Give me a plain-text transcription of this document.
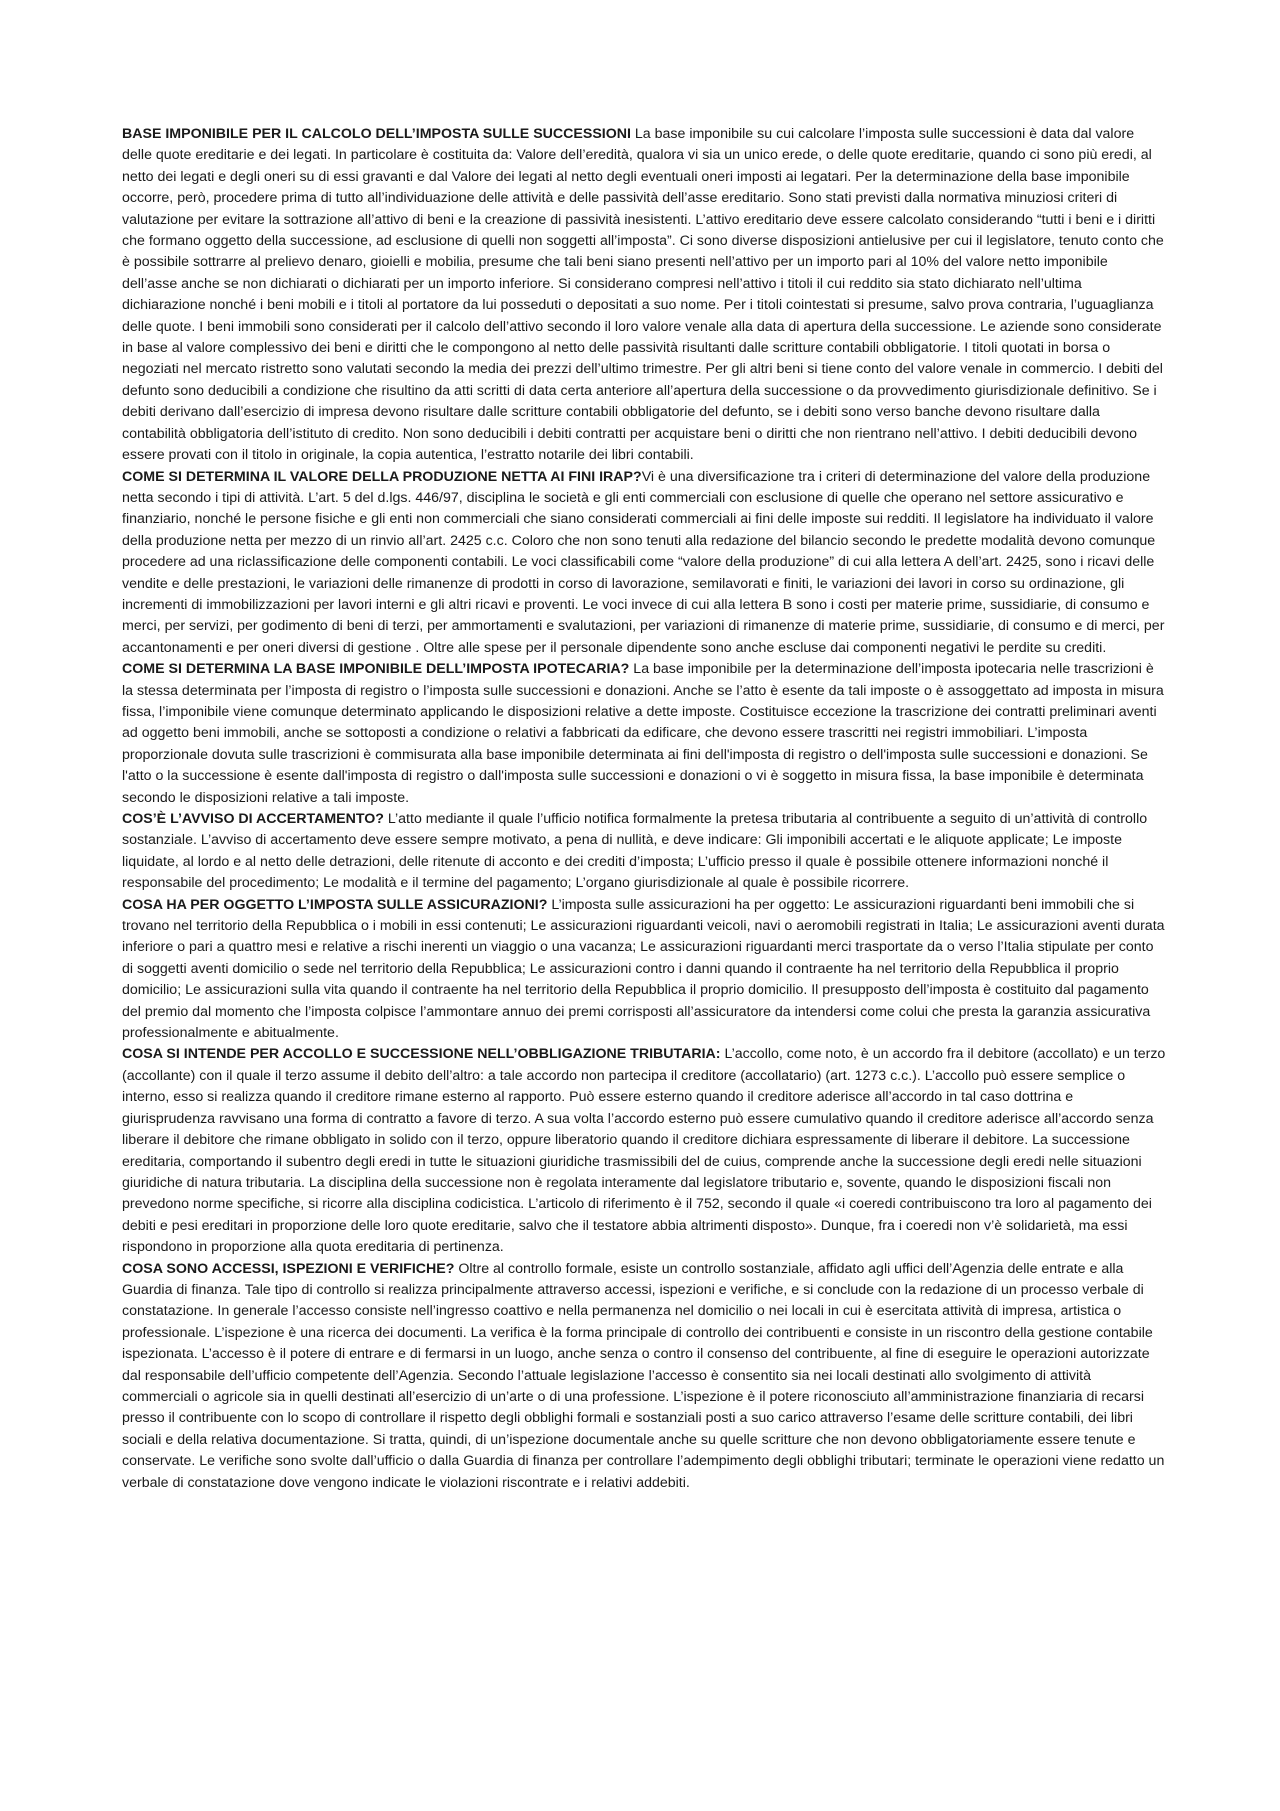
BASE IMPONIBILE PER IL CALCOLO DELL’IMPOSTA SULLE SUCCESSIONI La base imponibile su cui calcolare l’imposta sulle successioni è data dal valore delle quote ereditarie e dei legati. In particolare è costituita da: Valore dell’eredità, qualora vi sia un unico erede, o delle quote ereditarie, quando ci sono più eredi, al netto dei legati e degli oneri su di essi gravanti e dal Valore dei legati al netto degli eventuali oneri imposti ai legatari. Per la determinazione della base imponibile occorre, però, procedere prima di tutto all’individuazione delle attività e delle passività dell’asse ereditario. Sono stati previsti dalla normativa minuziosi criteri di valutazione per evitare la sottrazione all’attivo di beni e la creazione di passività inesistenti. L’attivo ereditario deve essere calcolato considerando “tutti i beni e i diritti che formano oggetto della successione, ad esclusione di quelli non soggetti all’imposta”. Ci sono diverse disposizioni antielusive per cui il legislatore, tenuto conto che è possibile sottrarre al prelievo denaro, gioielli e mobilia, presume che tali beni siano presenti nell’attivo per un importo pari al 10% del valore netto imponibile dell’asse anche se non dichiarati o dichiarati per un importo inferiore. Si considerano compresi nell’attivo i titoli il cui reddito sia stato dichiarato nell’ultima dichiarazione nonché i beni mobili e i titoli al portatore da lui posseduti o depositati a suo nome. Per i titoli cointestati si presume, salvo prova contraria, l’uguaglianza delle quote. I beni immobili sono considerati per il calcolo dell’attivo secondo il loro valore venale alla data di apertura della successione. Le aziende sono considerate in base al valore complessivo dei beni e diritti che le compongono al netto delle passività risultanti dalle scritture contabili obbligatorie. I titoli quotati in borsa o negoziati nel mercato ristretto sono valutati secondo la media dei prezzi dell’ultimo trimestre. Per gli altri beni si tiene conto del valore venale in commercio. I debiti del defunto sono deducibili a condizione che risultino da atti scritti di data certa anteriore all’apertura della successione o da provvedimento giurisdizionale definitivo. Se i debiti derivano dall’esercizio di impresa devono risultare dalle scritture contabili obbligatorie del defunto, se i debiti sono verso banche devono risultare dalla contabilità obbligatoria dell’istituto di credito. Non sono deducibili i debiti contratti per acquistare beni o diritti che non rientrano nell’attivo. I debiti deducibili devono essere provati con il titolo in originale, la copia autentica, l’estratto notarile dei libri contabili.

COME SI DETERMINA IL VALORE DELLA PRODUZIONE NETTA AI FINI IRAP?Vi è una diversificazione tra i criteri di determinazione del valore della produzione netta secondo i tipi di attività. L’art. 5 del d.lgs. 446/97, disciplina le società e gli enti commerciali con esclusione di quelle che operano nel settore assicurativo e finanziario, nonché le persone fisiche e gli enti non commerciali che siano considerati commerciali ai fini delle imposte sui redditi. Il legislatore ha individuato il valore della produzione netta per mezzo di un rinvio all’art. 2425 c.c. Coloro che non sono tenuti alla redazione del bilancio secondo le predette modalità devono comunque procedere ad una riclassificazione delle componenti contabili. Le voci classificabili come “valore della produzione” di cui alla lettera A dell’art. 2425, sono i ricavi delle vendite e delle prestazioni, le variazioni delle rimanenze di prodotti in corso di lavorazione, semilavorati e finiti, le variazioni dei lavori in corso su ordinazione, gli incrementi di immobilizzazioni per lavori interni e gli altri ricavi e proventi. Le voci invece di cui alla lettera B sono i costi per materie prime, sussidiarie, di consumo e merci, per servizi, per godimento di beni di terzi, per ammortamenti e svalutazioni, per variazioni di rimanenze di materie prime, sussidiarie, di consumo e di merci, per accantonamenti e per oneri diversi di gestione . Oltre alle spese per il personale dipendente sono anche escluse dai componenti negativi le perdite su crediti.

COME SI DETERMINA LA BASE IMPONIBILE DELL’IMPOSTA IPOTECARIA? La base imponibile per la determinazione dell’imposta ipotecaria nelle trascrizioni è la stessa determinata per l’imposta di registro o l’imposta sulle successioni e donazioni. Anche se l’atto è esente da tali imposte o è assoggettato ad imposta in misura fissa, l’imponibile viene comunque determinato applicando le disposizioni relative a dette imposte. Costituisce eccezione la trascrizione dei contratti preliminari aventi ad oggetto beni immobili, anche se sottoposti a condizione o relativi a fabbricati da edificare, che devono essere trascritti nei registri immobiliari. L’imposta proporzionale dovuta sulle trascrizioni è commisurata alla base imponibile determinata ai fini dell'imposta di registro o dell'imposta sulle successioni e donazioni. Se l'atto o la successione è esente dall'imposta di registro o dall'imposta sulle successioni e donazioni o vi è soggetto in misura fissa, la base imponibile è determinata secondo le disposizioni relative a tali imposte.

COS’È L’AVVISO DI ACCERTAMENTO? L’atto mediante il quale l’ufficio notifica formalmente la pretesa tributaria al contribuente a seguito di un’attività di controllo sostanziale. L’avviso di accertamento deve essere sempre motivato, a pena di nullità, e deve indicare: Gli imponibili accertati e le aliquote applicate; Le imposte liquidate, al lordo e al netto delle detrazioni, delle ritenute di acconto e dei crediti d’imposta; L’ufficio presso il quale è possibile ottenere informazioni nonché il responsabile del procedimento; Le modalità e il termine del pagamento; L’organo giurisdizionale al quale è possibile ricorrere.

COSA HA PER OGGETTO L’IMPOSTA SULLE ASSICURAZIONI? L’imposta sulle assicurazioni ha per oggetto: Le assicurazioni riguardanti beni immobili che si trovano nel territorio della Repubblica o i mobili in essi contenuti; Le assicurazioni riguardanti veicoli, navi o aeromobili registrati in Italia; Le assicurazioni aventi durata inferiore o pari a quattro mesi e relative a rischi inerenti un viaggio o una vacanza; Le assicurazioni riguardanti merci trasportate da o verso l’Italia stipulate per conto di soggetti aventi domicilio o sede nel territorio della Repubblica; Le assicurazioni contro i danni quando il contraente ha nel territorio della Repubblica il proprio domicilio; Le assicurazioni sulla vita quando il contraente ha nel territorio della Repubblica il proprio domicilio. Il presupposto dell’imposta è costituito dal pagamento del premio dal momento che l’imposta colpisce l’ammontare annuo dei premi corrisposti all’assicuratore da intendersi come colui che presta la garanzia assicurativa professionalmente e abitualmente.

COSA SI INTENDE PER ACCOLLO E SUCCESSIONE NELL’OBBLIGAZIONE TRIBUTARIA: L’accollo, come noto, è un accordo fra il debitore (accollato) e un terzo (accollante) con il quale il terzo assume il debito dell’altro: a tale accordo non partecipa il creditore (accollatario) (art. 1273 c.c.). L’accollo può essere semplice o interno, esso si realizza quando il creditore rimane esterno al rapporto. Può essere esterno quando il creditore aderisce all’accordo in tal caso dottrina e giurisprudenza ravvisano una forma di contratto a favore di terzo. A sua volta l’accordo esterno può essere cumulativo quando il creditore aderisce all’accordo senza liberare il debitore che rimane obbligato in solido con il terzo, oppure liberatorio quando il creditore dichiara espressamente di liberare il debitore. La successione ereditaria, comportando il subentro degli eredi in tutte le situazioni giuridiche trasmissibili del de cuius, comprende anche la successione degli eredi nelle situazioni giuridiche di natura tributaria. La disciplina della successione non è regolata interamente dal legislatore tributario e, sovente, quando le disposizioni fiscali non prevedono norme specifiche, si ricorre alla disciplina codicistica. L’articolo di riferimento è il 752, secondo il quale «i coeredi contribuiscono tra loro al pagamento dei debiti e pesi ereditari in proporzione delle loro quote ereditarie, salvo che il testatore abbia altrimenti disposto». Dunque, fra i coeredi non v’è solidarietà, ma essi rispondono in proporzione alla quota ereditaria di pertinenza.

COSA SONO ACCESSI, ISPEZIONI E VERIFICHE? Oltre al controllo formale, esiste un controllo sostanziale, affidato agli uffici dell’Agenzia delle entrate e alla Guardia di finanza. Tale tipo di controllo si realizza principalmente attraverso accessi, ispezioni e verifiche, e si conclude con la redazione di un processo verbale di constatazione. In generale l’accesso consiste nell’ingresso coattivo e nella permanenza nel domicilio o nei locali in cui è esercitata attività di impresa, artistica o professionale. L’ispezione è una ricerca dei documenti. La verifica è la forma principale di controllo dei contribuenti e consiste in un riscontro della gestione contabile ispezionata. L’accesso è il potere di entrare e di fermarsi in un luogo, anche senza o contro il consenso del contribuente, al fine di eseguire le operazioni autorizzate dal responsabile dell’ufficio competente dell’Agenzia. Secondo l’attuale legislazione l’accesso è consentito sia nei locali destinati allo svolgimento di attività commerciali o agricole sia in quelli destinati all’esercizio di un’arte o di una professione. L’ispezione è il potere riconosciuto all’amministrazione finanziaria di recarsi presso il contribuente con lo scopo di controllare il rispetto degli obblighi formali e sostanziali posti a suo carico attraverso l’esame delle scritture contabili, dei libri sociali e della relativa documentazione. Si tratta, quindi, di un’ispezione documentale anche su quelle scritture che non devono obbligatoriamente essere tenute e conservate. Le verifiche sono svolte dall’ufficio o dalla Guardia di finanza per controllare l’adempimento degli obblighi tributari; terminate le operazioni viene redatto un verbale di constatazione dove vengono indicate le violazioni riscontrate e i relativi addebiti.
